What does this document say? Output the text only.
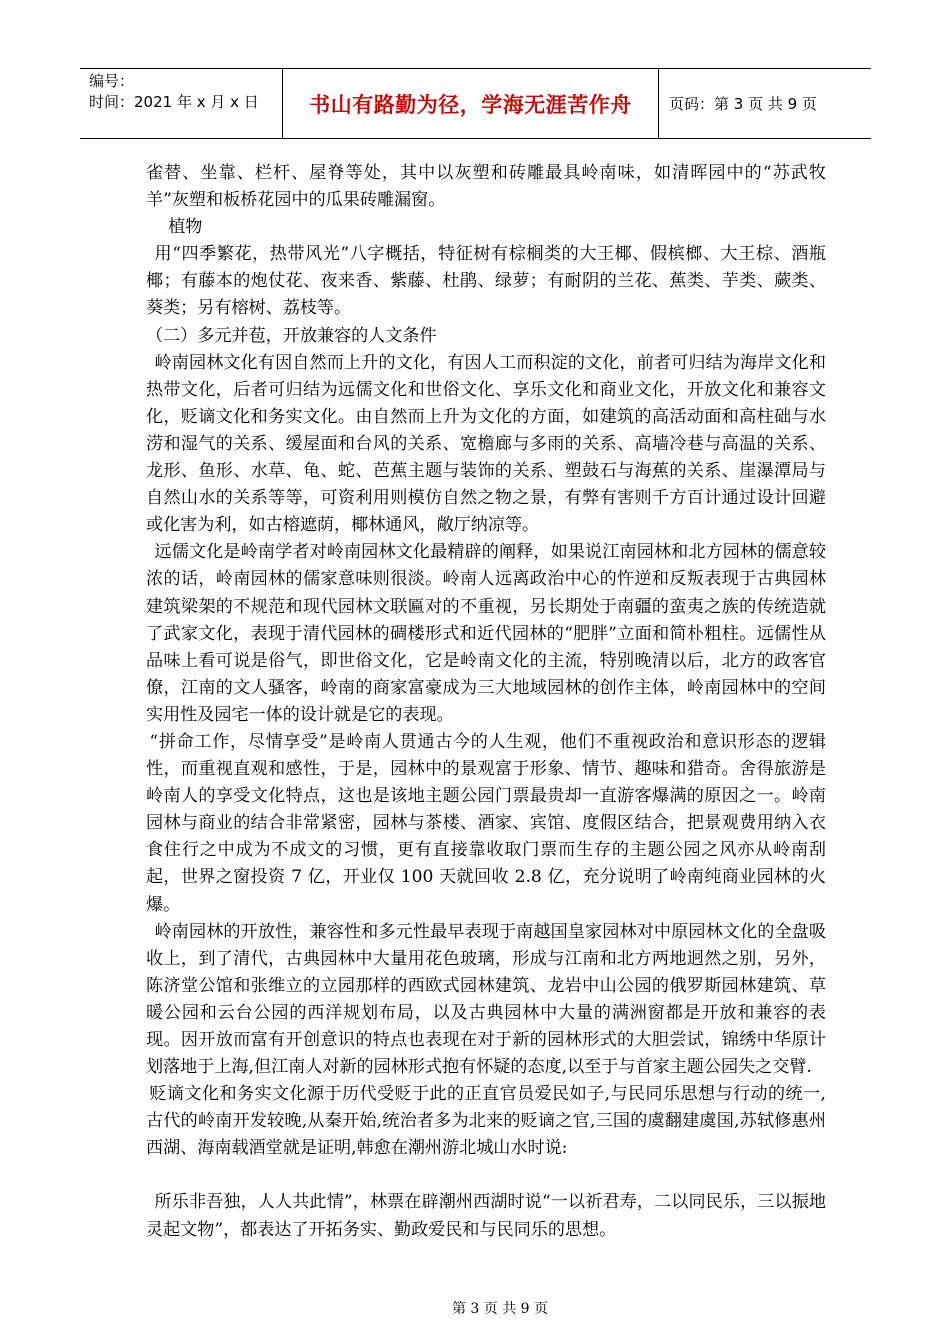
编号：
时间：2021 年 x 月 x 日	书山有路勤为径，学海无涯苦作舟	页码：第 3 页 共 9 页

雀替、坐靠、栏杆、屋脊等处，其中以灰塑和砖雕最具岭南味，如清晖园中的“苏武牧羊”灰塑和板桥花园中的瓜果砖雕漏窗。

植物

用“四季繁花，热带风光”八字概括，特征树有棕榈类的大王椰、假槟榔、大王棕、酒瓶椰；有藤本的炮仗花、夜来香、紫藤、杜鹃、绿萝；有耐阴的兰花、蕉类、芋类、蕨类、葵类；另有榕树、荔枝等。

（二）多元并苞，开放兼容的人文条件

岭南园林文化有因自然而上升的文化，有因人工而积淀的文化，前者可归结为海岸文化和热带文化，后者可归结为远儒文化和世俗文化、享乐文化和商业文化，开放文化和兼容文化，贬谪文化和务实文化。由自然而上升为文化的方面，如建筑的高活动面和高柱础与水涝和湿气的关系、缓屋面和台风的关系、宽檐廊与多雨的关系、高墙冷巷与高温的关系、龙形、鱼形、水草、龟、蛇、芭蕉主题与装饰的关系、塑鼓石与海蕉的关系、崖瀑潭局与自然山水的关系等等，可资利用则模仿自然之物之景，有弊有害则千方百计通过设计回避或化害为利，如古榕遮荫，椰林通风，敞厅纳凉等。

远儒文化是岭南学者对岭南园林文化最精辟的阐释，如果说江南园林和北方园林的儒意较浓的话，岭南园林的儒家意味则很淡。岭南人远离政治中心的忤逆和反叛表现于古典园林建筑梁架的不规范和现代园林文联匾对的不重视，另长期处于南疆的蛮夷之族的传统造就了武家文化，表现于清代园林的碉楼形式和近代园林的“肥胖”立面和简朴粗柱。远儒性从品味上看可说是俗气，即世俗文化，它是岭南文化的主流，特别晚清以后，北方的政客官僚，江南的文人骚客，岭南的商家富豪成为三大地域园林的创作主体，岭南园林中的空间实用性及园宅一体的设计就是它的表现。

“拼命工作，尽情享受”是岭南人贯通古今的人生观，他们不重视政治和意识形态的逻辑性，而重视直观和感性，于是，园林中的景观富于形象、情节、趣味和猎奇。舍得旅游是岭南人的享受文化特点，这也是该地主题公园门票最贵却一直游客爆满的原因之一。岭南园林与商业的结合非常紧密，园林与茶楼、酒家、宾馆、度假区结合，把景观费用纳入衣食住行之中成为不成文的习惯，更有直接靠收取门票而生存的主题公园之风亦从岭南刮起，世界之窗投资 7 亿，开业仅 100 天就回收 2.8 亿，充分说明了岭南纯商业园林的火爆。

岭南园林的开放性，兼容性和多元性最早表现于南越国皇家园林对中原园林文化的全盘吸收上，到了清代，古典园林中大量用花色玻璃，形成与江南和北方两地迥然之别，另外，陈济堂公馆和张维立的立园那样的西欧式园林建筑、龙岩中山公园的俄罗斯园林建筑、草暖公园和云台公园的西洋规划布局，以及古典园林中大量的满洲窗都是开放和兼容的表现。因开放而富有开创意识的特点也表现在对于新的园林形式的大胆尝试，锦绣中华原计划落地于上海,但江南人对新的园林形式抱有怀疑的态度,以至于与首家主题公园失之交臂.

贬谪文化和务实文化源于历代受贬于此的正直官员爱民如子,与民同乐思想与行动的统一,古代的岭南开发较晚,从秦开始,统治者多为北来的贬谪之官,三国的虞翻建虞国,苏轼修惠州西湖、海南载酒堂就是证明,韩愈在潮州游北城山水时说:

所乐非吾独，人人共此情”，林票在辟潮州西湖时说“一以祈君寿，二以同民乐，三以振地灵起文物”，都表达了开拓务实、勤政爱民和与民同乐的思想。

第 3 页 共 9 页
